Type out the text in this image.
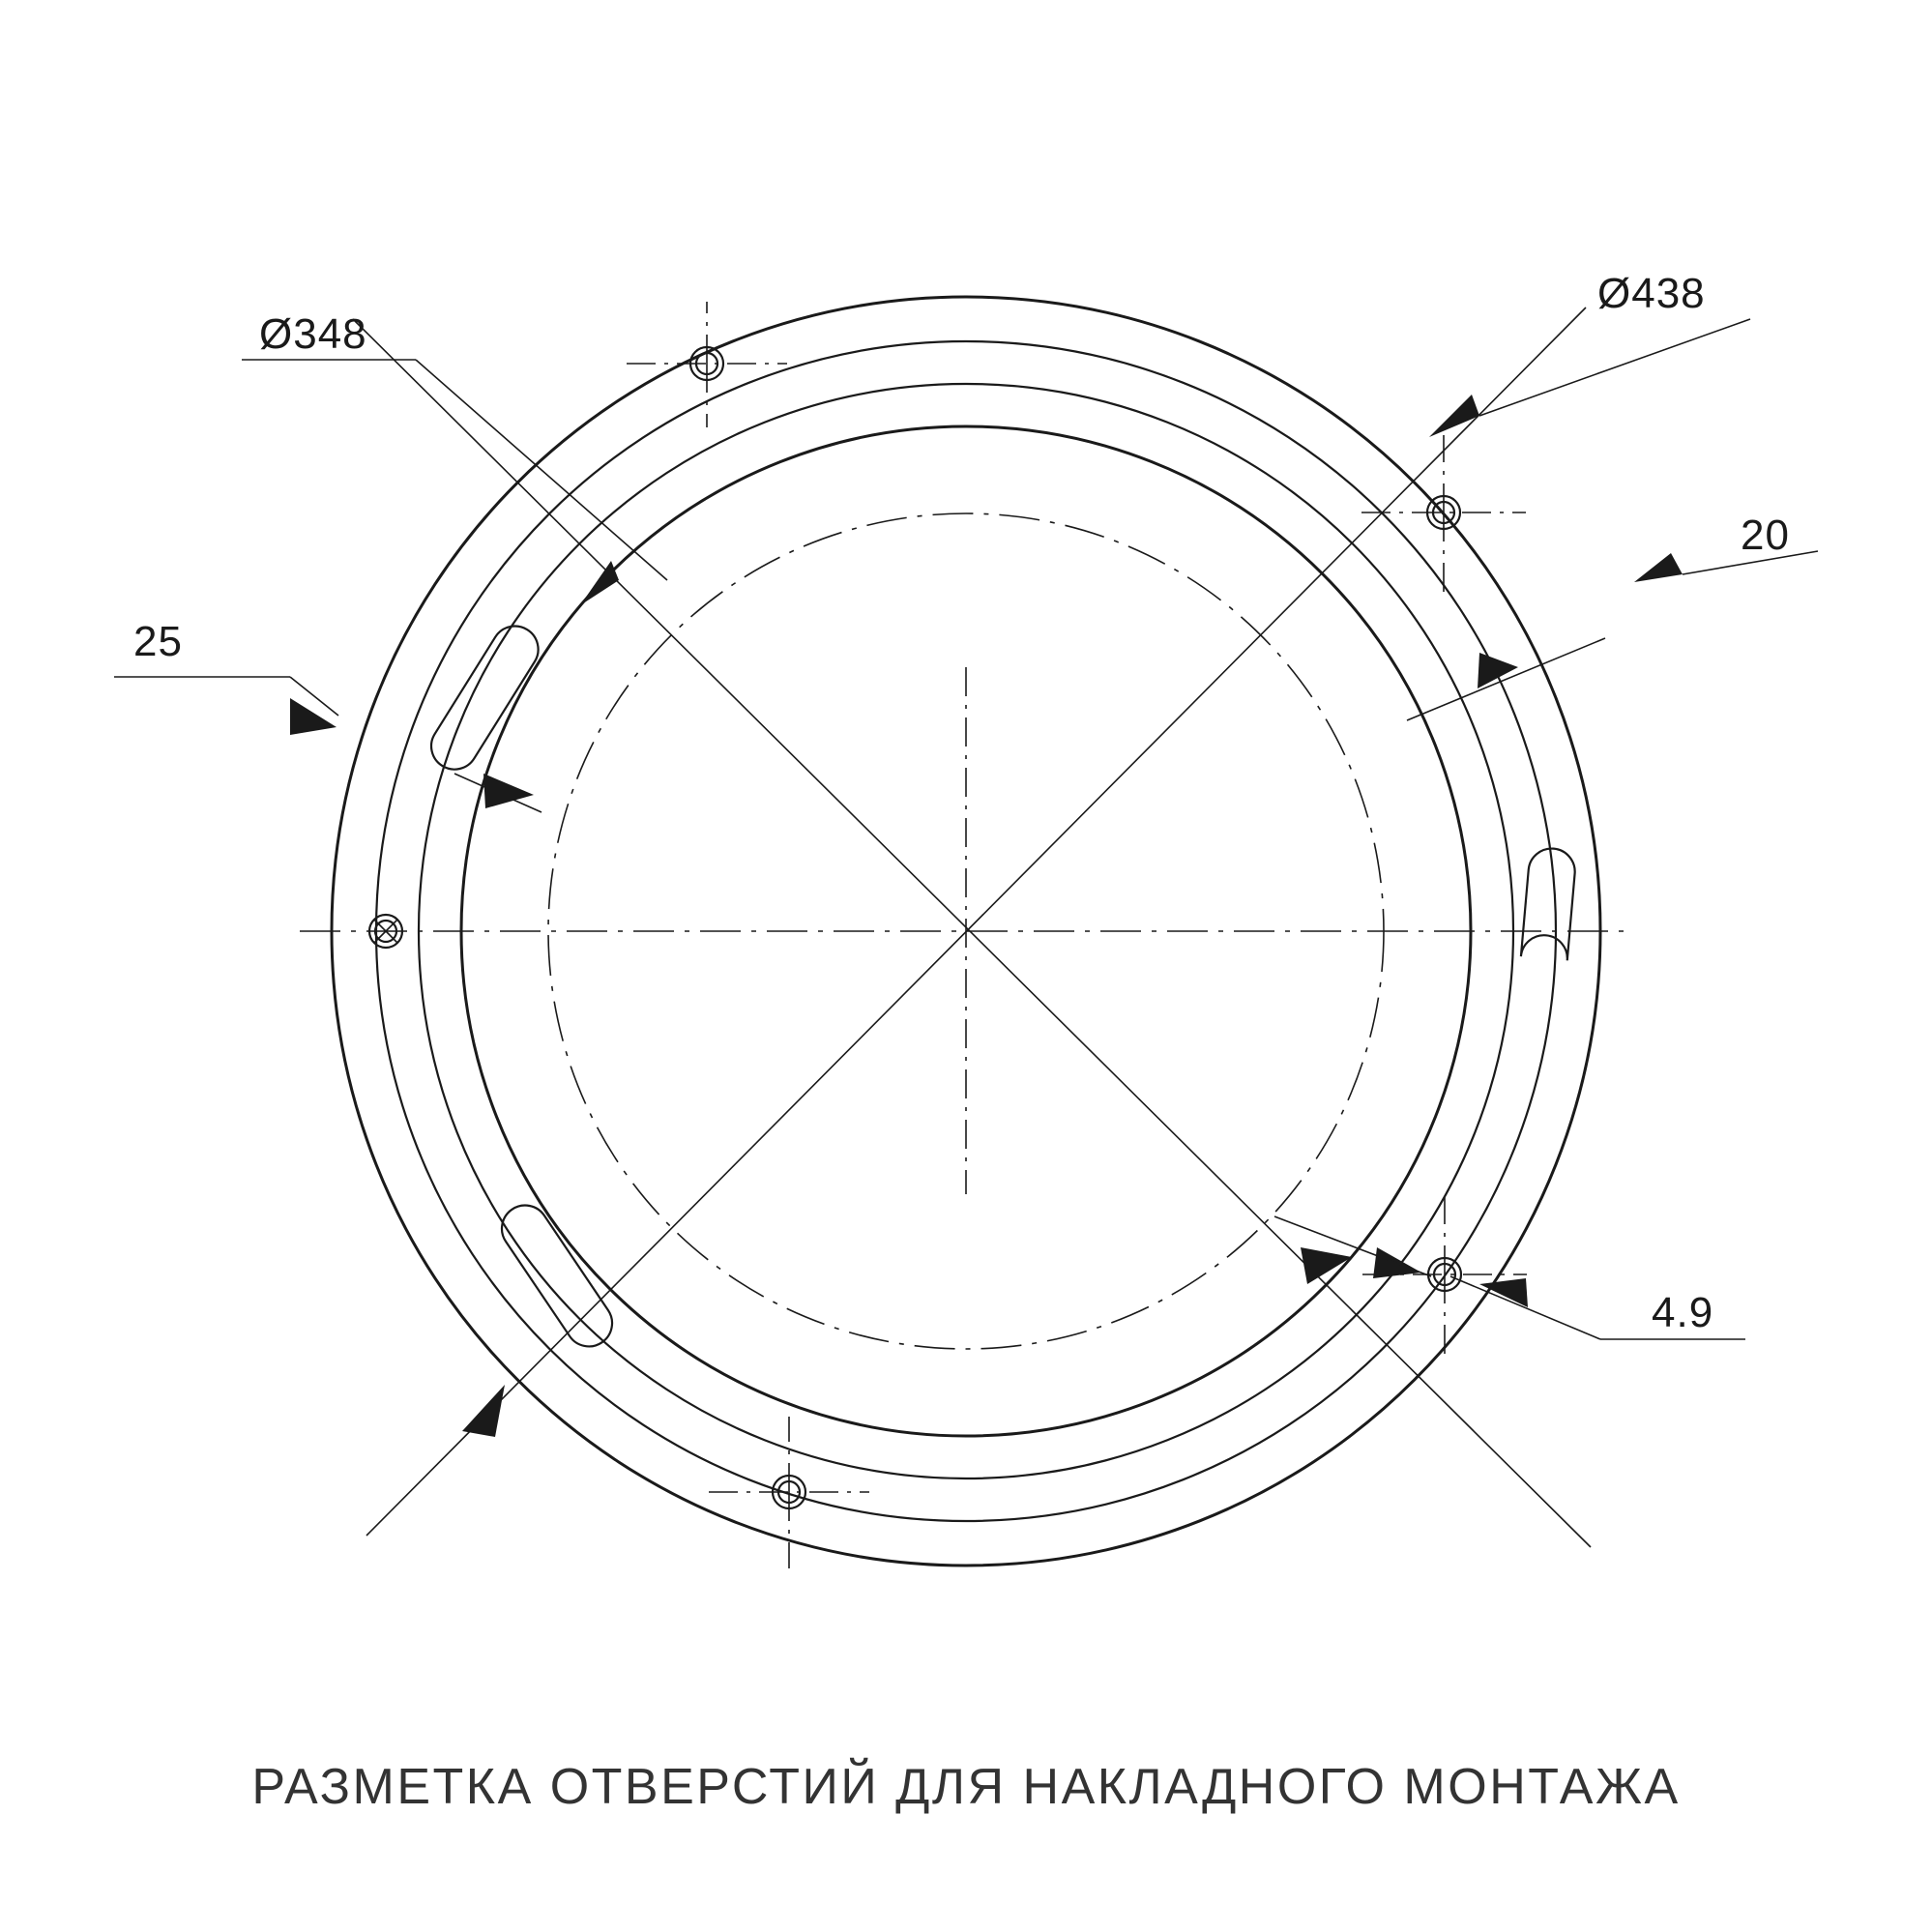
Ø438
20
Ø348
25
4.9
РАЗМЕТКА ОТВЕРСТИЙ ДЛЯ НАКЛАДНОГО МОНТАЖА
